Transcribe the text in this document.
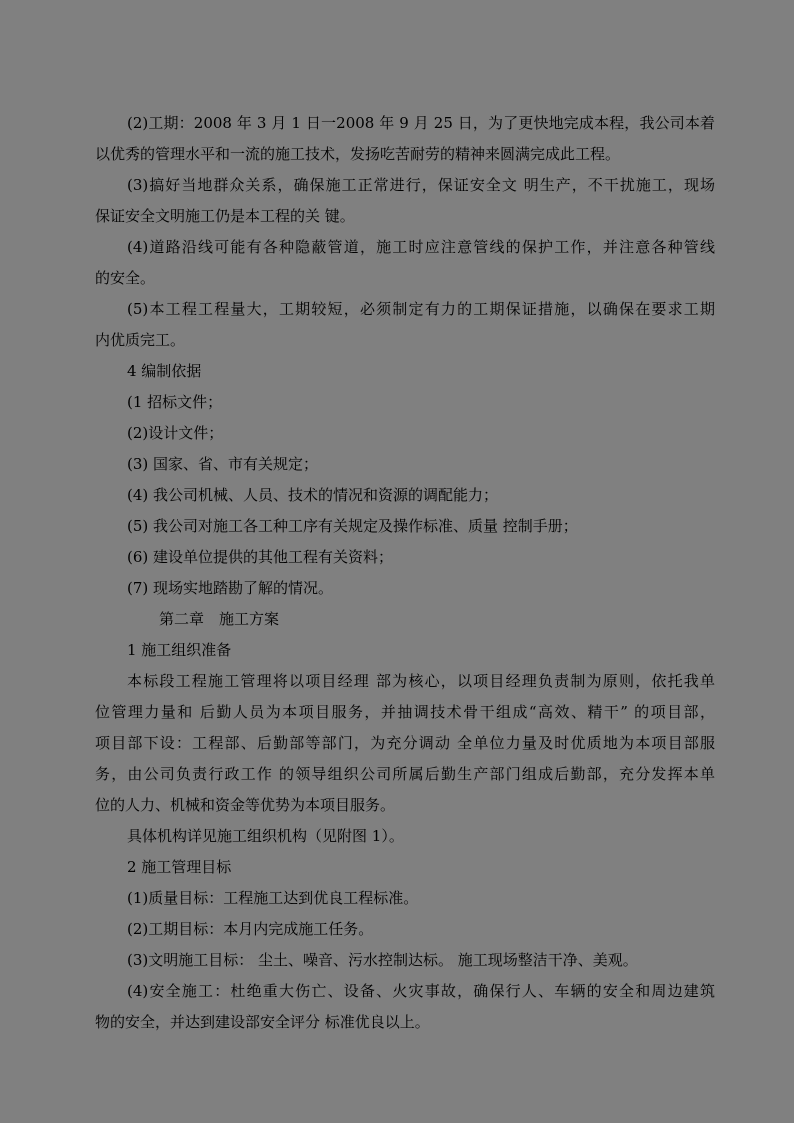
(2)工期：2008 年 3 月 1 日一2008 年 9 月 25 日，为了更快地完成本程，我公司本着
以优秀的管理水平和一流的施工技术，发扬吃苦耐劳的精神来圆满完成此工程。
(3)搞好当地群众关系，确保施工正常进行，保证安全文 明生产，不干扰施工，现场
保证安全文明施工仍是本工程的关 键。
(4)道路沿线可能有各种隐蔽管道，施工时应注意管线的保护工作，并注意各种管线
的安全。
(5)本工程工程量大，工期较短，必须制定有力的工期保证措施，以确保在要求工期
内优质完工。
4 编制依据
(1 招标文件；
(2)设计文件；
(3) 国家、省、市有关规定；
(4) 我公司机械、人员、技术的情况和资源的调配能力；
(5) 我公司对施工各工种工序有关规定及操作标准、质量 控制手册；
(6) 建设单位提供的其他工程有关资料；
(7) 现场实地踏勘了解的情况。
第二章　施工方案
1 施工组织准备
本标段工程施工管理将以项目经理 部为核心，以项目经理负责制为原则，依托我单
位管理力量和 后勤人员为本项目服务，并抽调技术骨干组成“高效、精干” 的项目部，
项目部下设：工程部、后勤部等部门，为充分调动 全单位力量及时优质地为本项目部服
务，由公司负责行政工作 的领导组织公司所属后勤生产部门组成后勤部，充分发挥本单
位的人力、机械和资金等优势为本项目服务。
具体机构详见施工组织机构（见附图 1）。
2 施工管理目标
(1)质量目标：工程施工达到优良工程标准。
(2)工期目标：本月内完成施工任务。
(3)文明施工目标： 尘土、噪音、污水控制达标。 施工现场整洁干净、美观。
(4)安全施工：杜绝重大伤亡、设备、火灾事故，确保行人、车辆的安全和周边建筑
物的安全，并达到建设部安全评分 标准优良以上。
